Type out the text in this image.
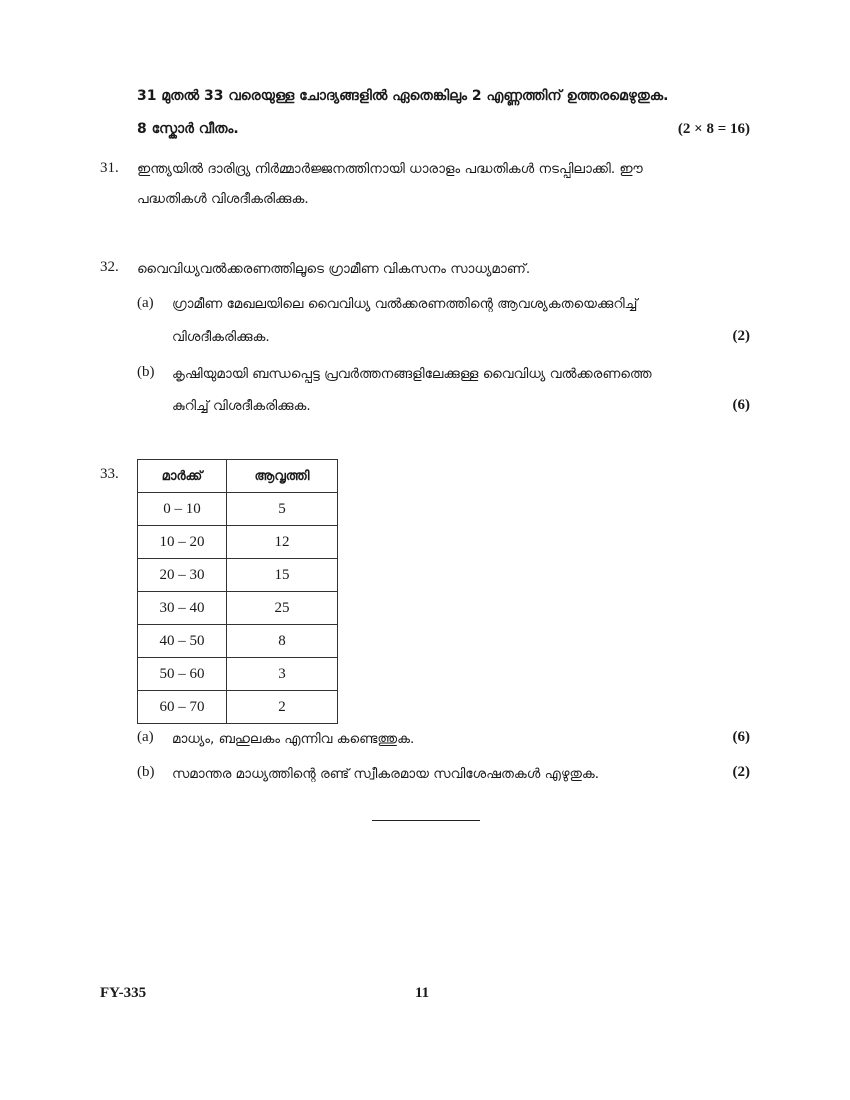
31 മുതൽ 33 വരെയുള്ള ചോദ്യങ്ങളിൽ ഏതെങ്കിലും 2 എണ്ണത്തിന് ഉത്തരമെഴുതുക.
8 സ്കോർ വീതം.	(2 × 8 = 16)
31. ഇന്ത്യയിൽ ദാരിദ്ര്യ നിർമ്മാർജ്ജനത്തിനായി ധാരാളം പദ്ധതികൾ നടപ്പിലാക്കി. ഈ
പദ്ധതികൾ വിശദീകരിക്കുക.
32. വൈവിധ്യവൽക്കരണത്തിലൂടെ ഗ്രാമീണ വികസനം സാധ്യമാണ്.
(a) ഗ്രാമീണ മേഖലയിലെ വൈവിധ്യ വൽക്കരണത്തിന്റെ ആവശ്യകതയെക്കുറിച്ച്
വിശദീകരിക്കുക.	(2)
(b) കൃഷിയുമായി ബന്ധപ്പെട്ട പ്രവർത്തനങ്ങളിലേക്കുള്ള വൈവിധ്യ വൽക്കരണത്തെ
കുറിച്ച് വിശദീകരിക്കുക.	(6)
33.	മാർക്ക്	ആവൃത്തി
0 – 10	5
10 – 20	12
20 – 30	15
30 – 40	25
40 – 50	8
50 – 60	3
60 – 70	2
(a) മാധ്യം, ബഹുലകം എന്നിവ കണ്ടെത്തുക.	(6)
(b) സമാന്തര മാധ്യത്തിന്റെ രണ്ട് സ്വീകരമായ സവിശേഷതകൾ എഴുതുക.	(2)
FY-335	11
